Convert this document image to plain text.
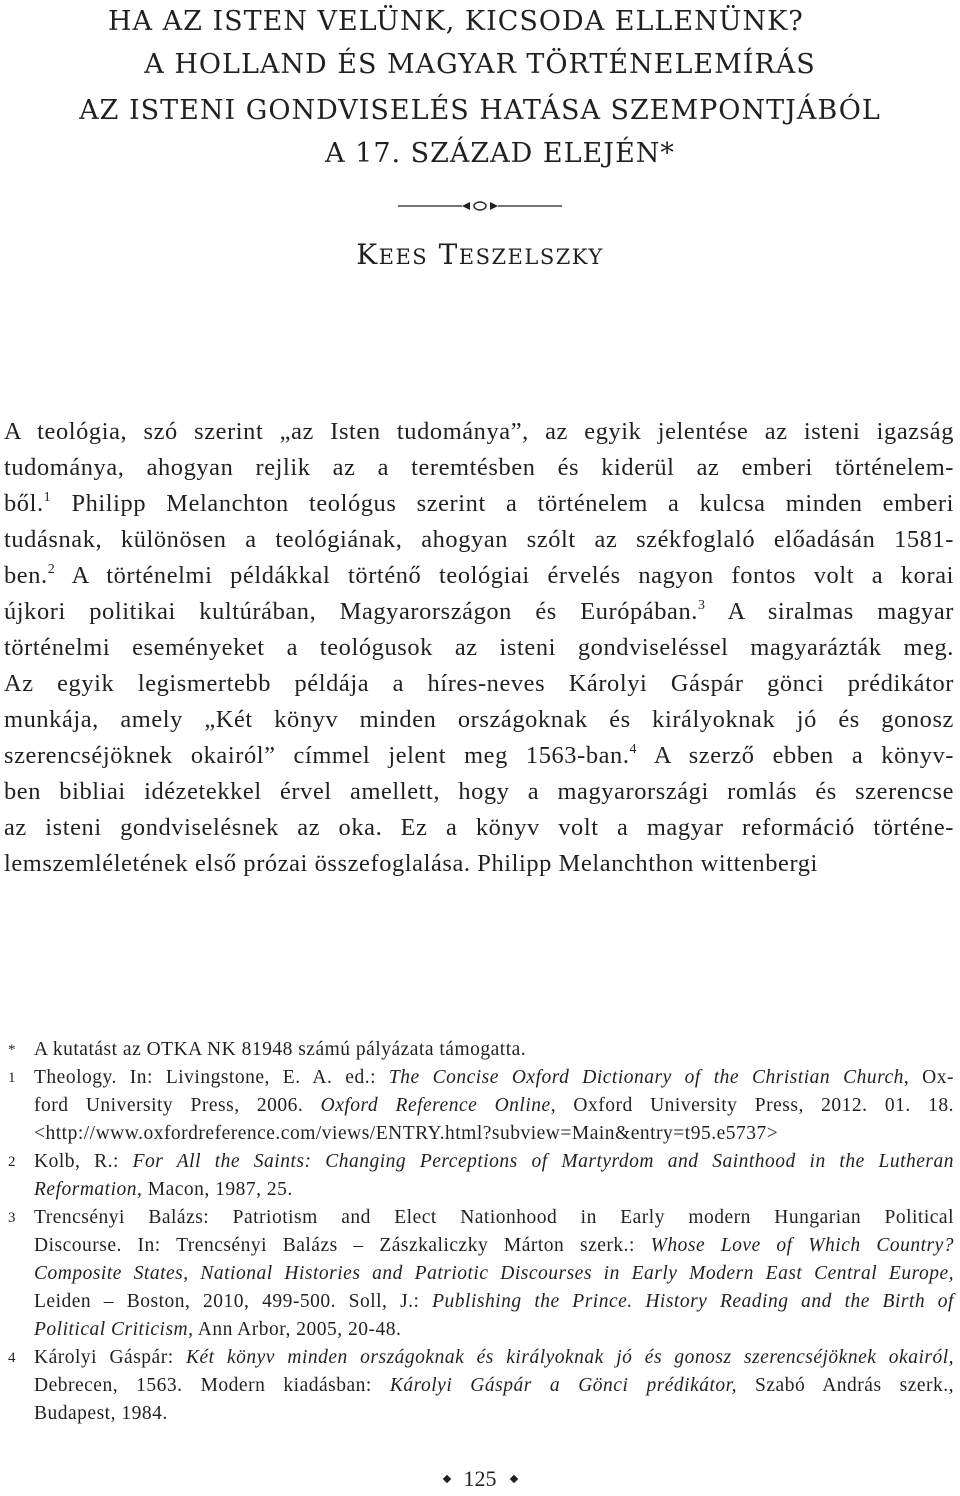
HA AZ ISTEN VELÜNK, KICSODA ELLENÜNK?
A HOLLAND ÉS MAGYAR TÖRTÉNELEMÍRÁS
AZ ISTENI GONDVISELÉS HATÁSA SZEMPONTJÁBÓL
A 17. SZÁZAD ELEJÉN*
KEES TESZELSZKY
A teológia, szó szerint „az Isten tudománya”, az egyik jelentése az isteni igazság
tudománya, ahogyan rejlik az a teremtésben és kiderül az emberi történelem-
ből.$^1$ Philipp Melanchton teológus szerint a történelem a kulcsa minden emberi
tudásnak, különösen a teológiának, ahogyan szólt az székfoglaló előadásán 1581-
ben.$^2$ A történelmi példákkal történő teológiai érvelés nagyon fontos volt a korai
újkori politikai kultúrában, Magyarországon és Európában.$^3$ A siralmas magyar
történelmi eseményeket a teológusok az isteni gondviseléssel magyarázták meg.
Az egyik legismertebb példája a híres-neves Károlyi Gáspár gönci prédikátor
munkája, amely „Két könyv minden országoknak és királyoknak jó és gonosz
szerencséjöknek okairól” címmel jelent meg 1563-ban.$^4$ A szerző ebben a könyv-
ben bibliai idézetekkel érvel amellett, hogy a magyarországi romlás és szerencse
az isteni gondviselésnek az oka. Ez a könyv volt a magyar reformáció történe-
lemszemléletének első prózai összefoglalása. Philipp Melanchthon wittenbergi
* A kutatást az OTKA NK 81948 számú pályázata támogatta.
1 Theology. In: Livingstone, E. A. ed.: The Concise Oxford Dictionary of the Christian Church, Ox-
ford University Press, 2006. Oxford Reference Online, Oxford University Press, 2012. 01. 18.
<http://www.oxfordreference.com/views/ENTRY.html?subview=Main&entry=t95.e5737>
2 Kolb, R.: For All the Saints: Changing Perceptions of Martyrdom and Sainthood in the Lutheran
Reformation, Macon, 1987, 25.
3 Trencsényi Balázs: Patriotism and Elect Nationhood in Early modern Hungarian Political
Discourse. In: Trencsényi Balázs – Zászkaliczky Márton szerk.: Whose Love of Which Country?
Composite States, National Histories and Patriotic Discourses in Early Modern East Central Europe,
Leiden – Boston, 2010, 499-500. Soll, J.: Publishing the Prince. History Reading and the Birth of
Political Criticism, Ann Arbor, 2005, 20-48.
4 Károlyi Gáspár: Két könyv minden országoknak és királyoknak jó és gonosz szerencséjöknek okairól,
Debrecen, 1563. Modern kiadásban: Károlyi Gáspár a Gönci prédikátor, Szabó András szerk.,
Budapest, 1984.
125
